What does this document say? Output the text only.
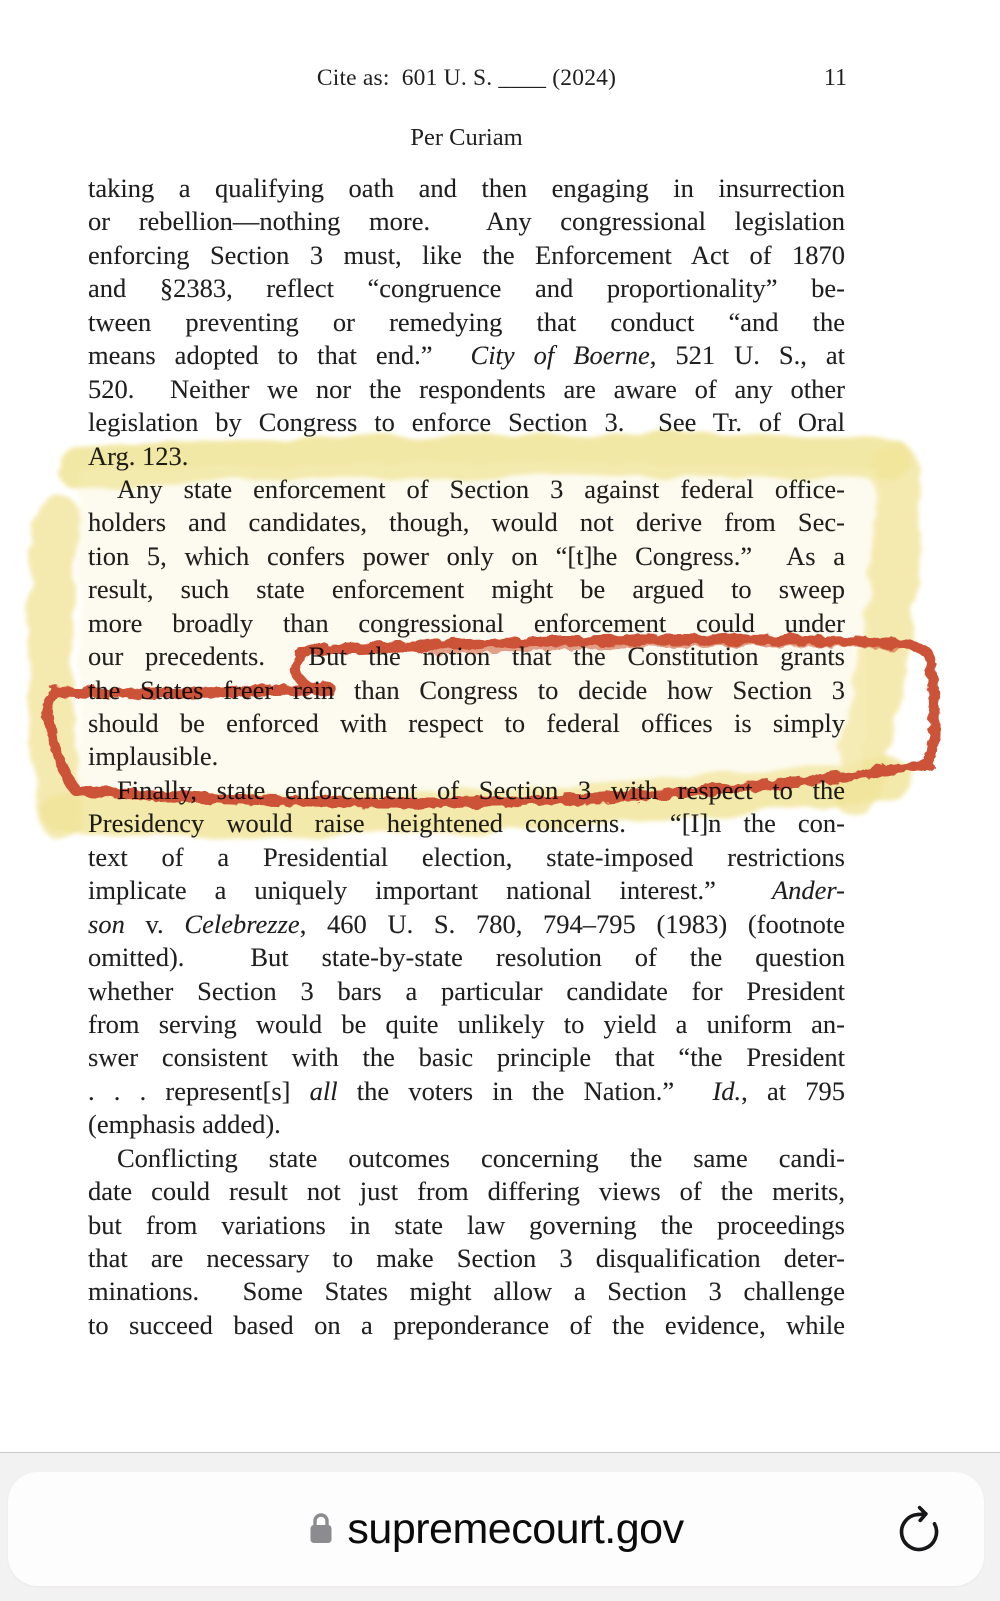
Cite as:  601 U. S. ____ (2024)	11
Per Curiam
taking a qualifying oath and then engaging in insurrection
or rebellion—nothing more.  Any congressional legislation
enforcing Section 3 must, like the Enforcement Act of 1870
and §2383, reflect “congruence and proportionality” be-
tween preventing or remedying that conduct “and the
means adopted to that end.”  City of Boerne, 521 U. S., at
520.  Neither we nor the respondents are aware of any other
legislation by Congress to enforce Section 3.  See Tr. of Oral
Arg. 123.
Any state enforcement of Section 3 against federal office-
holders and candidates, though, would not derive from Sec-
tion 5, which confers power only on “[t]he Congress.”  As a
result, such state enforcement might be argued to sweep
more broadly than congressional enforcement could under
our precedents.  But the notion that the Constitution grants
the States freer rein than Congress to decide how Section 3
should be enforced with respect to federal offices is simply
implausible.
Finally, state enforcement of Section 3 with respect to the
Presidency would raise heightened concerns.  “[I]n the con-
text of a Presidential election, state-imposed restrictions
implicate a uniquely important national interest.”  Ander-
son v. Celebrezze, 460 U. S. 780, 794–795 (1983) (footnote
omitted).  But state-by-state resolution of the question
whether Section 3 bars a particular candidate for President
from serving would be quite unlikely to yield a uniform an-
swer consistent with the basic principle that “the President
. . . represent[s] all the voters in the Nation.”  Id., at 795
(emphasis added).
Conflicting state outcomes concerning the same candi-
date could result not just from differing views of the merits,
but from variations in state law governing the proceedings
that are necessary to make Section 3 disqualification deter-
minations.  Some States might allow a Section 3 challenge
to succeed based on a preponderance of the evidence, while
supremecourt.gov
